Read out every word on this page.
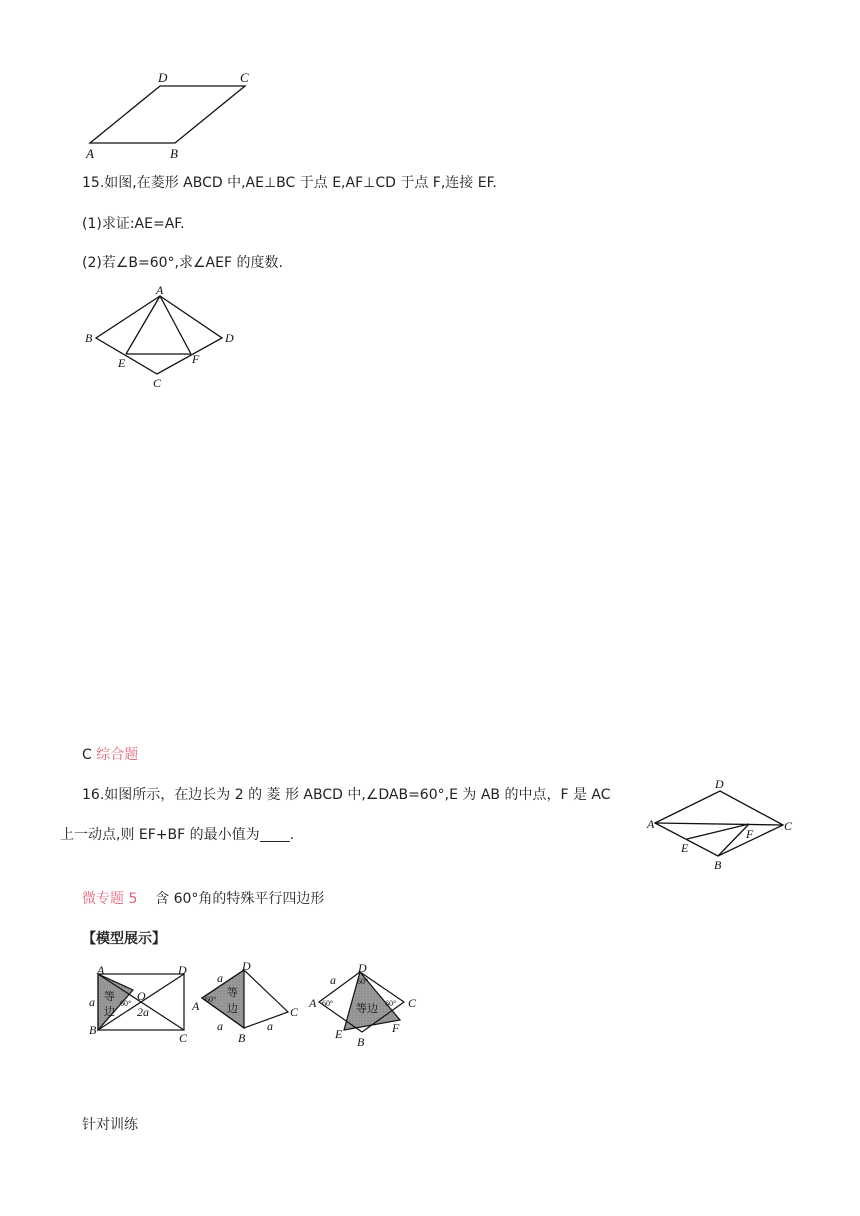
D	C
A	B
15.如图,在菱形 ABCD 中,AE⊥BC 于点 E,AF⊥CD 于点 F,连接 EF.
(1)求证:AE=AF.
(2)若∠B=60°,求∠AEF 的度数.
A
B	D
E	F
C
C 综合题
16.如图所示，在边长为 2 的 菱 形 ABCD 中,∠DAB=60°,E 为 AB 的中点，F 是 AC
上一动点,则 EF+BF 的最小值为 .
D
A	C
E
F
B
微专题 5 含 60°角的特殊平行四边形
【模型展示】
A	D
B
C
O
a
2a
60°
等
边
D
A	C
B
a
a	a
60°
等
边
D
A	C
B
E	F
a
60°
60°
60°
等边
针对训练
